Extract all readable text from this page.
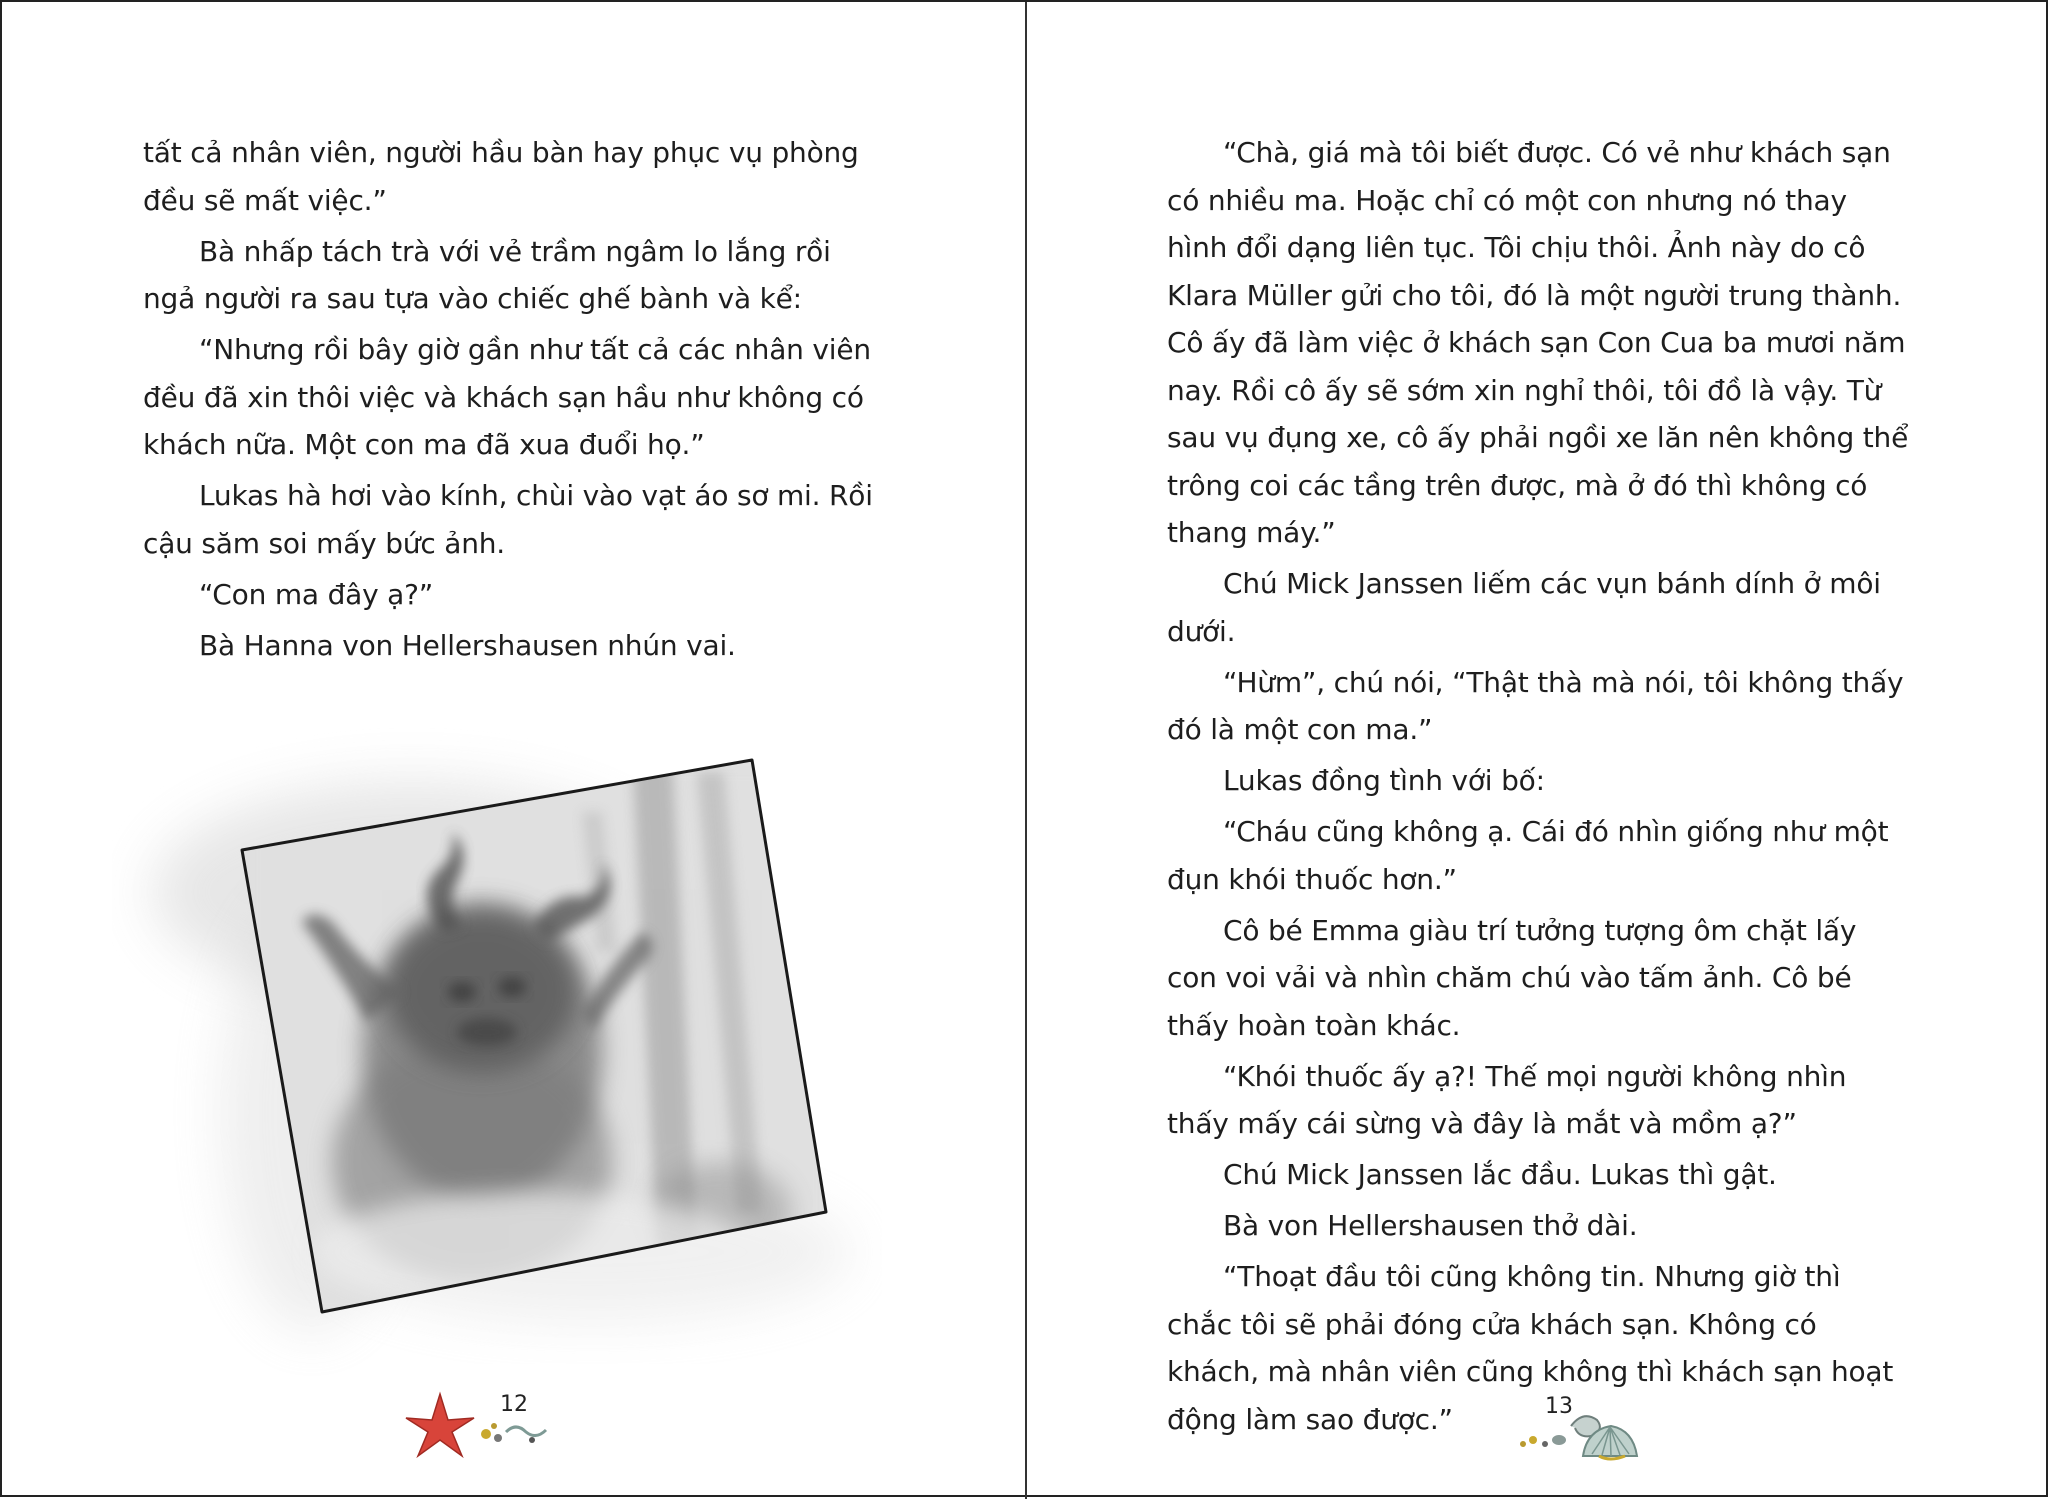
tất cả nhân viên, người hầu bàn hay phục vụ phòng đều sẽ mất việc.”

Bà nhấp tách trà với vẻ trầm ngâm lo lắng rồi ngả người ra sau tựa vào chiếc ghế bành và kể:

“Nhưng rồi bây giờ gần như tất cả các nhân viên đều đã xin thôi việc và khách sạn hầu như không có khách nữa. Một con ma đã xua đuổi họ.”

Lukas hà hơi vào kính, chùi vào vạt áo sơ mi. Rồi cậu săm soi mấy bức ảnh.

“Con ma đây ạ?”

Bà Hanna von Hellershausen nhún vai.

12

“Chà, giá mà tôi biết được. Có vẻ như khách sạn có nhiều ma. Hoặc chỉ có một con nhưng nó thay hình đổi dạng liên tục. Tôi chịu thôi. Ảnh này do cô Klara Müller gửi cho tôi, đó là một người trung thành. Cô ấy đã làm việc ở khách sạn Con Cua ba mươi năm nay. Rồi cô ấy sẽ sớm xin nghỉ thôi, tôi đồ là vậy. Từ sau vụ đụng xe, cô ấy phải ngồi xe lăn nên không thể trông coi các tầng trên được, mà ở đó thì không có thang máy.”

Chú Mick Janssen liếm các vụn bánh dính ở môi dưới.

“Hừm”, chú nói, “Thật thà mà nói, tôi không thấy đó là một con ma.”

Lukas đồng tình với bố:

“Cháu cũng không ạ. Cái đó nhìn giống như một đụn khói thuốc hơn.”

Cô bé Emma giàu trí tưởng tượng ôm chặt lấy con voi vải và nhìn chăm chú vào tấm ảnh. Cô bé thấy hoàn toàn khác.

“Khói thuốc ấy ạ?! Thế mọi người không nhìn thấy mấy cái sừng và đây là mắt và mồm ạ?”

Chú Mick Janssen lắc đầu. Lukas thì gật.

Bà von Hellershausen thở dài.

“Thoạt đầu tôi cũng không tin. Nhưng giờ thì chắc tôi sẽ phải đóng cửa khách sạn. Không có khách, mà nhân viên cũng không thì khách sạn hoạt động làm sao được.”	13
